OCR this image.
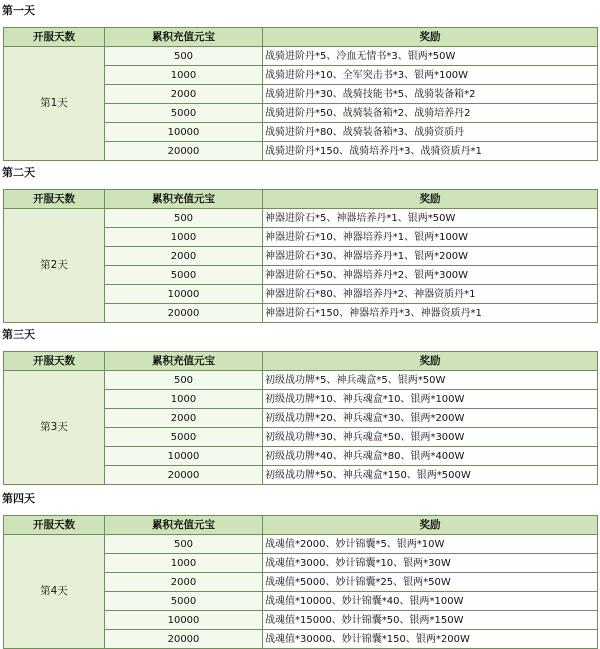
第一天
开服天数	累积充值元宝	奖励
第1天	500	战骑进阶丹*5、冷血无情书*3、银两*50W
	1000	战骑进阶丹*10、全军突击书*3、银两*100W
	2000	战骑进阶丹*30、战骑技能书*5、战骑装备箱*2
	5000	战骑进阶丹*50、战骑装备箱*2、战骑培养丹2
	10000	战骑进阶丹*80、战骑装备箱*3、战骑资质丹
	20000	战骑进阶丹*150、战骑培养丹*3、战骑资质丹*1
第二天
开服天数	累积充值元宝	奖励
第2天	500	神器进阶石*5、神器培养丹*1、银两*50W
	1000	神器进阶石*10、神器培养丹*1、银两*100W
	2000	神器进阶石*30、神器培养丹*1、银两*200W
	5000	神器进阶石*50、神器培养丹*2、银两*300W
	10000	神器进阶石*80、神器培养丹*2、神器资质丹*1
	20000	神器进阶石*150、神器培养丹*3、神器资质丹*1
第三天
开服天数	累积充值元宝	奖励
第3天	500	初级战功牌*5、神兵魂盒*5、银两*50W
	1000	初级战功牌*10、神兵魂盒*10、银两*100W
	2000	初级战功牌*20、神兵魂盒*30、银两*200W
	5000	初级战功牌*30、神兵魂盒*50、银两*300W
	10000	初级战功牌*40、神兵魂盒*80、银两*400W
	20000	初级战功牌*50、神兵魂盒*150、银两*500W
第四天
开服天数	累积充值元宝	奖励
第4天	500	战魂值*2000、妙计锦囊*5、银两*10W
	1000	战魂值*3000、妙计锦囊*10、银两*30W
	2000	战魂值*5000、妙计锦囊*25、银两*50W
	5000	战魂值*10000、妙计锦囊*40、银两*100W
	10000	战魂值*15000、妙计锦囊*50、银两*150W
	20000	战魂值*30000、妙计锦囊*150、银两*200W
